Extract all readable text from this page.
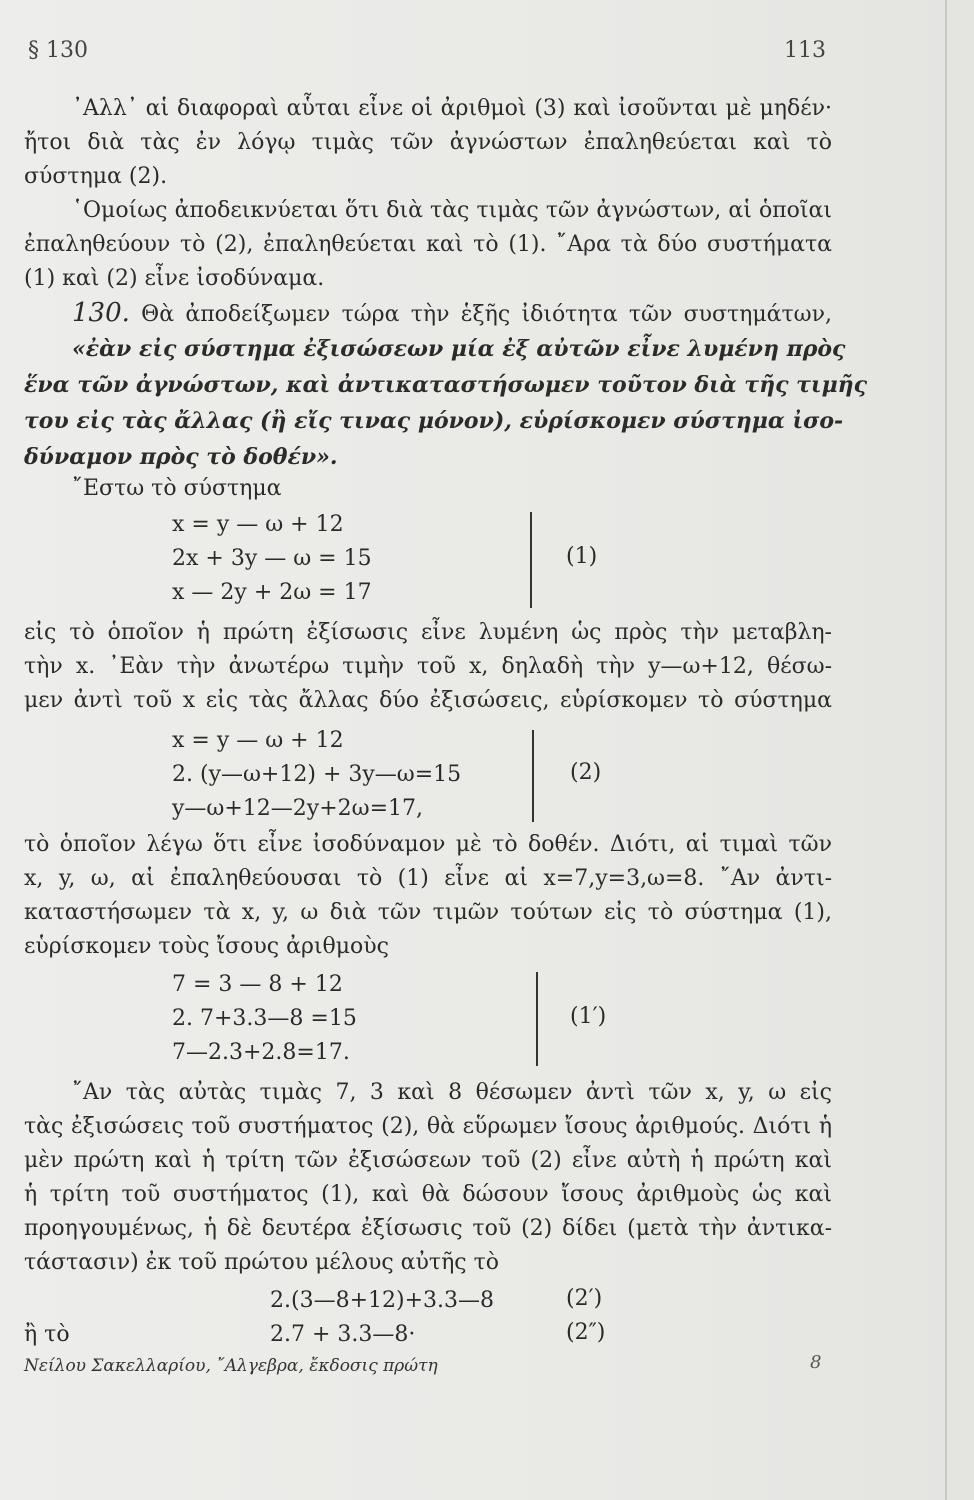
§ 130	113
᾽Αλλ᾽ αἱ διαφοραὶ αὗται εἶνε οἱ ἀριθμοὶ (3) καὶ ἰσοῦνται μὲ μηδέν·
ἤτοι διὰ τὰς ἐν λόγῳ τιμὰς τῶν ἀγνώστων ἐπαληθεύεται καὶ τὸ
σύστημα (2).
῾Ομοίως ἀποδεικνύεται ὅτι διὰ τὰς τιμὰς τῶν ἀγνώστων, αἱ ὁποῖαι
ἐπαληθεύουν τὸ (2), ἐπαληθεύεται καὶ τὸ (1). ῎Αρα τὰ δύο συστήματα
(1) καὶ (2) εἶνε ἰσοδύναμα.
130. Θὰ ἀποδείξωμεν τώρα τὴν ἑξῆς ἰδιότητα τῶν συστημάτων,
«ἐὰν εἰς σύστημα ἐξισώσεων μία ἐξ αὐτῶν εἶνε λυμένη πρὸς
ἕνα τῶν ἀγνώστων, καὶ ἀντικαταστήσωμεν τοῦτον διὰ τῆς τιμῆς
του εἰς τὰς ἄλλας (ἢ εἴς τινας μόνον), εὑρίσκομεν σύστημα ἰσο-
δύναμον πρὸς τὸ δοθέν».
῎Εστω τὸ σύστημα
x = y — ω + 12
2x + 3y — ω = 15
x — 2y + 2ω = 17
(1)
εἰς τὸ ὁποῖον ἡ πρώτη ἐξίσωσις εἶνε λυμένη ὡς πρὸς τὴν μεταβλη-
τὴν x. ᾽Εὰν τὴν ἀνωτέρω τιμὴν τοῦ x, δηλαδὴ τὴν y—ω+12, θέσω-
μεν ἀντὶ τοῦ x εἰς τὰς ἄλλας δύο ἐξισώσεις, εὑρίσκομεν τὸ σύστημα
x = y — ω + 12
2. (y—ω+12) + 3y—ω=15
y—ω+12—2y+2ω=17,
(2)
τὸ ὁποῖον λέγω ὅτι εἶνε ἰσοδύναμον μὲ τὸ δοθέν. Διότι, αἱ τιμαὶ τῶν
x, y, ω, αἱ ἐπαληθεύουσαι τὸ (1) εἶνε αἱ x=7,y=3,ω=8. ῎Αν ἀντι-
καταστήσωμεν τὰ x, y, ω διὰ τῶν τιμῶν τούτων εἰς τὸ σύστημα (1),
εὑρίσκομεν τοὺς ἴσους ἀριθμοὺς
7 = 3 — 8 + 12
2. 7+3.3—8 =15
7—2.3+2.8=17.
(1′)
῎Αν τὰς αὐτὰς τιμὰς 7, 3 καὶ 8 θέσωμεν ἀντὶ τῶν x, y, ω εἰς
τὰς ἐξισώσεις τοῦ συστήματος (2), θὰ εὕρωμεν ἴσους ἀριθμούς. Διότι ἡ
μὲν πρώτη καὶ ἡ τρίτη τῶν ἐξισώσεων τοῦ (2) εἶνε αὐτὴ ἡ πρώτη καὶ
ἡ τρίτη τοῦ συστήματος (1), καὶ θὰ δώσουν ἴσους ἀριθμοὺς ὡς καὶ
προηγουμένως, ἡ δὲ δευτέρα ἐξίσωσις τοῦ (2) δίδει (μετὰ τὴν ἀντικα-
τάστασιν) ἐκ τοῦ πρώτου μέλους αὐτῆς τὸ
2.(3—8+12)+3.3—8	(2′)
ἢ τὸ	2.7 + 3.3—8·	(2″)
Νείλου Σακελλαρίου, ῎Αλγεβρα, ἔκδοσις πρώτη	8
